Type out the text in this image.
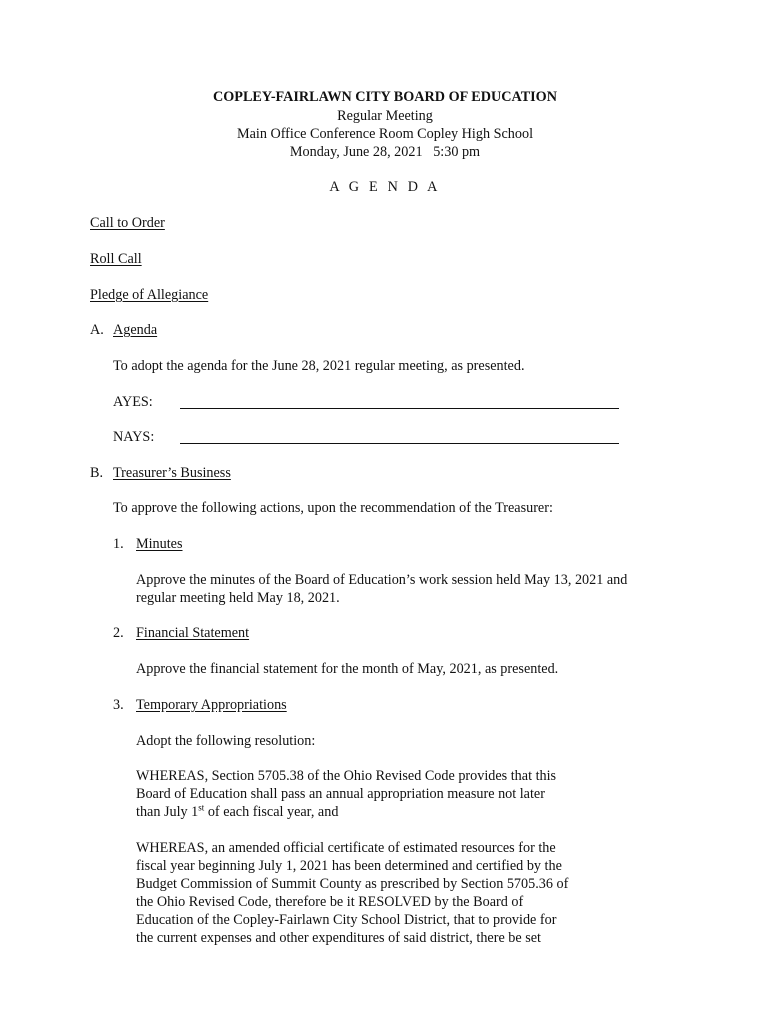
COPLEY-FAIRLAWN CITY BOARD OF EDUCATION
Regular Meeting
Main Office Conference Room Copley High School
Monday, June 28, 2021   5:30 pm
A G E N D A
Call to Order
Roll Call
Pledge of Allegiance
A. Agenda
To adopt the agenda for the June 28, 2021 regular meeting, as presented.
AYES:
NAYS:
B. Treasurer’s Business
To approve the following actions, upon the recommendation of the Treasurer:
1. Minutes
Approve the minutes of the Board of Education’s work session held May 13, 2021 and
regular meeting held May 18, 2021.
2. Financial Statement
Approve the financial statement for the month of May, 2021, as presented.
3. Temporary Appropriations
Adopt the following resolution:
WHEREAS, Section 5705.38 of the Ohio Revised Code provides that this
Board of Education shall pass an annual appropriation measure not later
than July 1st of each fiscal year, and
WHEREAS, an amended official certificate of estimated resources for the
fiscal year beginning July 1, 2021 has been determined and certified by the
Budget Commission of Summit County as prescribed by Section 5705.36 of
the Ohio Revised Code, therefore be it RESOLVED by the Board of
Education of the Copley-Fairlawn City School District, that to provide for
the current expenses and other expenditures of said district, there be set
